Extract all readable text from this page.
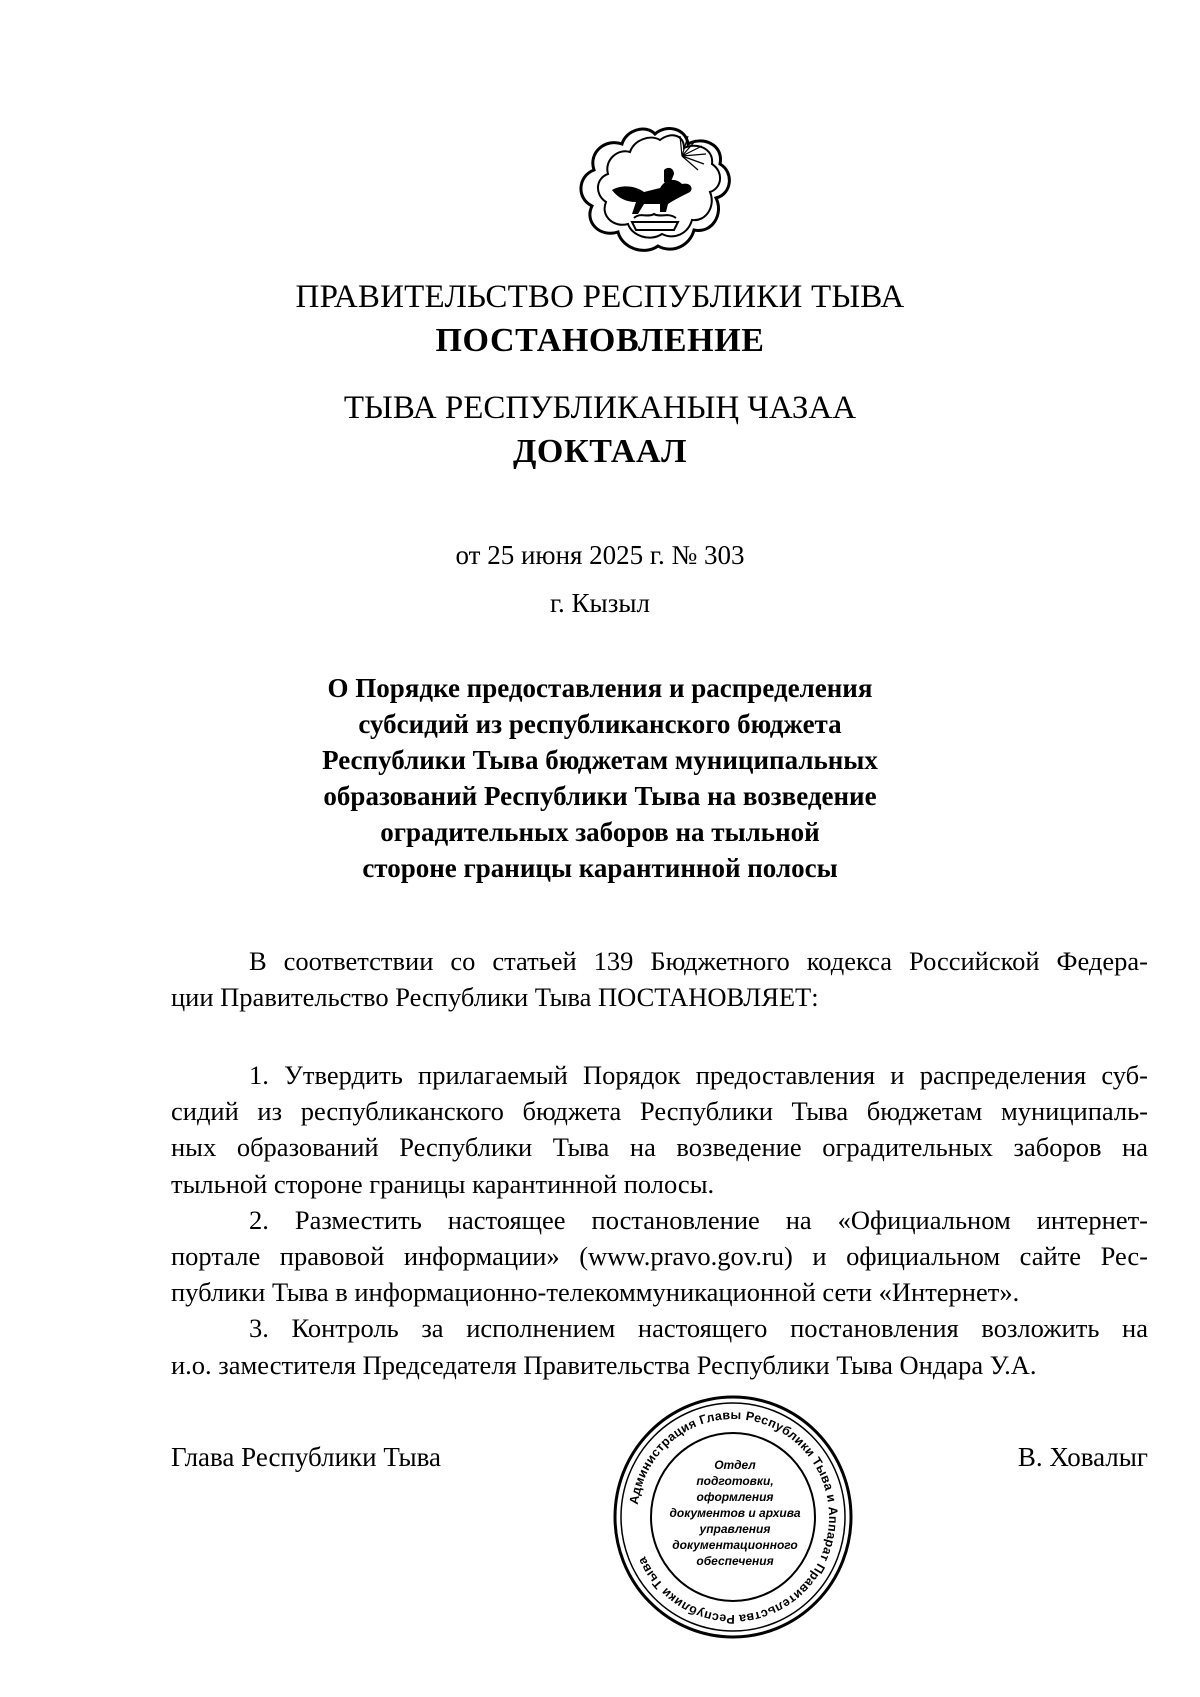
ПРАВИТЕЛЬСТВО РЕСПУБЛИКИ ТЫВА
ПОСТАНОВЛЕНИЕ
ТЫВА РЕСПУБЛИКАНЫҢ ЧАЗАА
ДОКТААЛ
от 25 июня 2025 г. № 303
г. Кызыл
О Порядке предоставления и распределения
субсидий из республиканского бюджета
Республики Тыва бюджетам муниципальных
образований Республики Тыва на возведение
оградительных заборов на тыльной
стороне границы карантинной полосы
В соответствии со статьей 139 Бюджетного кодекса Российской Федера-
ции Правительство Республики Тыва ПОСТАНОВЛЯЕТ:
1. Утвердить прилагаемый Порядок предоставления и распределения суб-
сидий из республиканского бюджета Республики Тыва бюджетам муниципаль-
ных образований Республики Тыва на возведение оградительных заборов на
тыльной стороне границы карантинной полосы.
2. Разместить настоящее постановление на «Официальном интернет-
портале правовой информации» (www.pravo.gov.ru) и официальном сайте Рес-
публики Тыва в информационно-телекоммуникационной сети «Интернет».
3. Контроль за исполнением настоящего постановления возложить на
и.о. заместителя Председателя Правительства Республики Тыва Ондара У.А.
Глава Республики Тыва	В. Ховалыг
Администрация Главы Республики Тыва и Аппарат Правительства Республики Тыва
Отдел
подготовки,
оформления
документов и архива
управления
документационного
обеспечения
